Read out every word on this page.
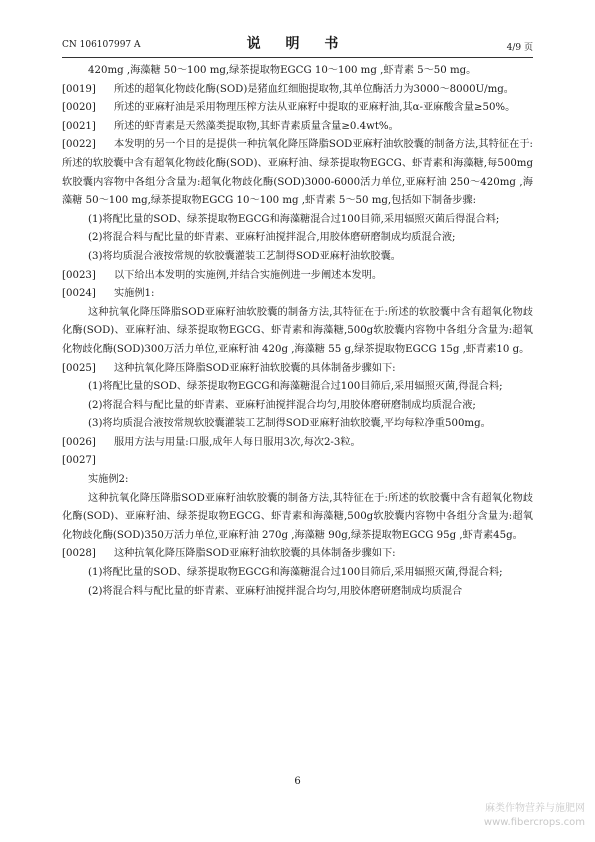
CN 106107997 A	说 明 书	4/9 页
420mg ,海藻糖 50～100 mg,绿茶提取物EGCG 10～100 mg ,虾青素 5～50 mg。
[0019] 所述的超氧化物歧化酶(SOD)是猪血红细胞提取物,其单位酶活力为3000～8000U/mg。
[0020] 所述的亚麻籽油是采用物理压榨方法从亚麻籽中提取的亚麻籽油,其α-亚麻酸含量≥50%。
[0021] 所述的虾青素是天然藻类提取物,其虾青素质量含量≥0.4wt%。
[0022] 本发明的另一个目的是提供一种抗氧化降压降脂SOD亚麻籽油软胶囊的制备方法,其特征在于:所述的软胶囊中含有超氧化物歧化酶(SOD)、亚麻籽油、绿茶提取物EGCG、虾青素和海藻糖,每500mg软胶囊内容物中各组分含量为:超氧化物歧化酶(SOD)3000-6000活力单位,亚麻籽油 250～420mg ,海藻糖 50～100 mg,绿茶提取物EGCG 10～100 mg ,虾青素 5～50 mg,包括如下制备步骤:
(1)将配比量的SOD、绿茶提取物EGCG和海藻糖混合过100目筛,采用辐照灭菌后得混合料;
(2)将混合料与配比量的虾青素、亚麻籽油搅拌混合,用胶体磨研磨制成均质混合液;
(3)将均质混合液按常规的软胶囊灌装工艺制得SOD亚麻籽油软胶囊。
[0023] 以下给出本发明的实施例,并结合实施例进一步阐述本发明。
[0024] 实施例1:
这种抗氧化降压降脂SOD亚麻籽油软胶囊的制备方法,其特征在于:所述的软胶囊中含有超氧化物歧化酶(SOD)、亚麻籽油、绿茶提取物EGCG、虾青素和海藻糖,500g软胶囊内容物中各组分含量为:超氧化物歧化酶(SOD)300万活力单位,亚麻籽油 420g ,海藻糖 55 g,绿茶提取物EGCG 15g ,虾青素10 g。
[0025] 这种抗氧化降压降脂SOD亚麻籽油软胶囊的具体制备步骤如下:
(1)将配比量的SOD、绿茶提取物EGCG和海藻糖混合过100目筛后,采用辐照灭菌,得混合料;
(2)将混合料与配比量的虾青素、亚麻籽油搅拌混合均匀,用胶体磨研磨制成均质混合液;
(3)将均质混合液按常规软胶囊灌装工艺制得SOD亚麻籽油软胶囊,平均每粒净重500mg。
[0026] 服用方法与用量:口服,成年人每日服用3次,每次2-3粒。
[0027]
实施例2:
这种抗氧化降压降脂SOD亚麻籽油软胶囊的制备方法,其特征在于:所述的软胶囊中含有超氧化物歧化酶(SOD)、亚麻籽油、绿茶提取物EGCG、虾青素和海藻糖,500g软胶囊内容物中各组分含量为:超氧化物歧化酶(SOD)350万活力单位,亚麻籽油 270g ,海藻糖 90g,绿茶提取物EGCG 95g ,虾青素45g。
[0028] 这种抗氧化降压降脂SOD亚麻籽油软胶囊的具体制备步骤如下:
(1)将配比量的SOD、绿茶提取物EGCG和海藻糖混合过100目筛后,采用辐照灭菌,得混合料;
(2)将混合料与配比量的虾青素、亚麻籽油搅拌混合均匀,用胶体磨研磨制成均质混合
6
麻类作物营养与施肥网
www.fibercrops.com
